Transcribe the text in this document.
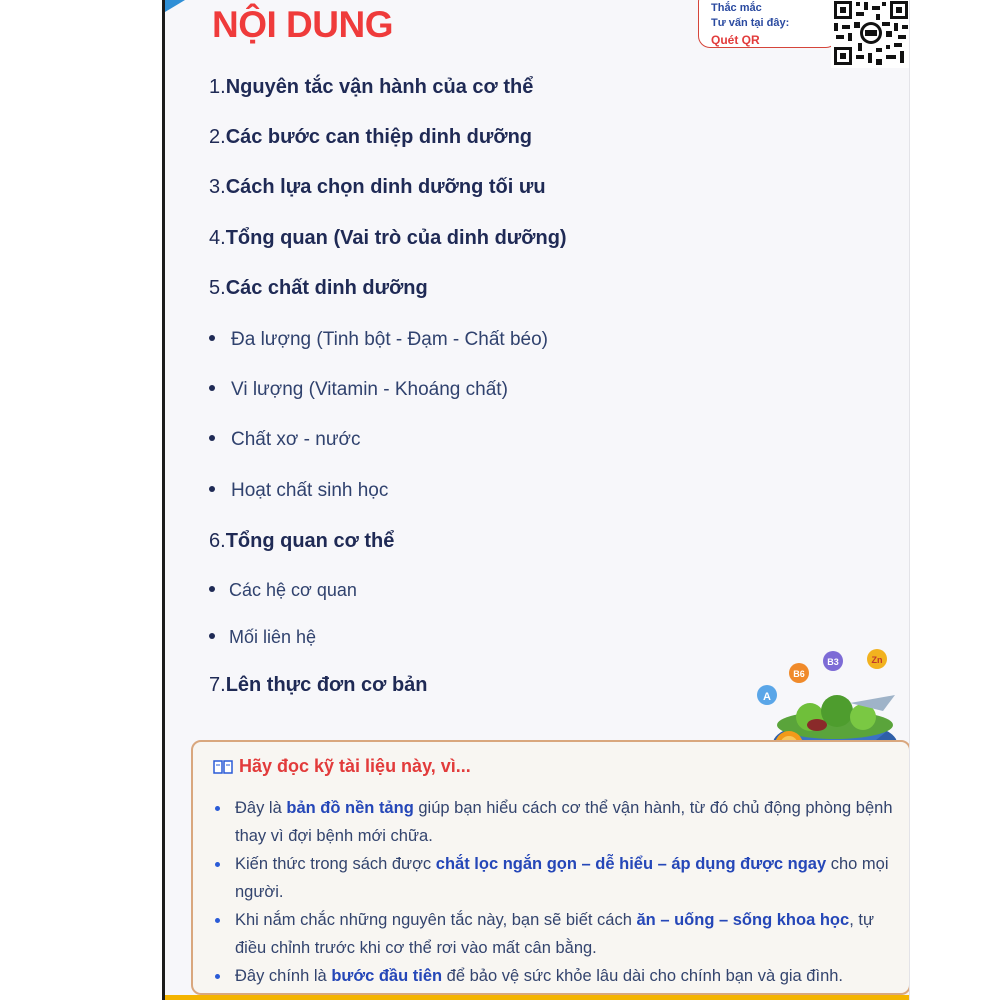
NỘI DUNG	Thắc mắc
Tư vấn tại đây:
Quét QR
1.Nguyên tắc vận hành của cơ thể
2.Các bước can thiệp dinh dưỡng
3.Cách lựa chọn dinh dưỡng tối ưu
4.Tổng quan (Vai trò của dinh dưỡng)
5.Các chất dinh dưỡng
Đa lượng (Tinh bột - Đạm - Chất béo)
Vi lượng (Vitamin - Khoáng chất)
Chất xơ - nước
Hoạt chất sinh học
6.Tổng quan cơ thể
Các hệ cơ quan
Mối liên hệ
7.Lên thực đơn cơ bản
A
B6
B3	Zn
Hãy đọc kỹ tài liệu này, vì...
Đây là bản đồ nền tảng giúp bạn hiểu cách cơ thể vận hành, từ đó chủ động phòng bệnh thay vì đợi bệnh mới chữa.
Kiến thức trong sách được chắt lọc ngắn gọn – dễ hiểu – áp dụng được ngay cho mọi người.
Khi nắm chắc những nguyên tắc này, bạn sẽ biết cách ăn – uống – sống khoa học, tự điều chỉnh trước khi cơ thể rơi vào mất cân bằng.
Đây chính là bước đầu tiên để bảo vệ sức khỏe lâu dài cho chính bạn và gia đình.
